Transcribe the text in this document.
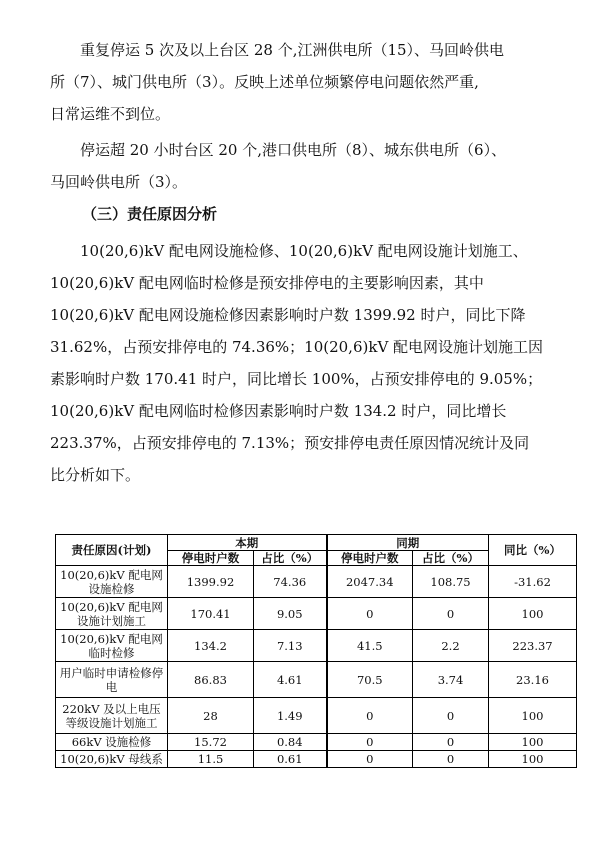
　　重复停运 5 次及以上台区 28 个,江洲供电所（15）、马回岭供电
所（7）、城门供电所（3）。反映上述单位频繁停电问题依然严重,
日常运维不到位。
　　停运超 20 小时台区 20 个,港口供电所（8）、城东供电所（6）、
马回岭供电所（3）。
（三）责任原因分析
　　10(20,6)kV 配电网设施检修、10(20,6)kV 配电网设施计划施工、
10(20,6)kV 配电网临时检修是预安排停电的主要影响因素，其中
10(20,6)kV 配电网设施检修因素影响时户数 1399.92 时户，同比下降
31.62%，占预安排停电的 74.36%；10(20,6)kV 配电网设施计划施工因
素影响时户数 170.41 时户，同比增长 100%，占预安排停电的 9.05%；
10(20,6)kV 配电网临时检修因素影响时户数 134.2 时户，同比增长
223.37%，占预安排停电的 7.13%；预安排停电责任原因情况统计及同
比分析如下。
责任原因(计划)	本期		同期		同比（%）
	停电时户数	占比（%）	停电时户数	占比（%）	
10(20,6)kV 配电网设施检修	1399.92	74.36	2047.34	108.75	-31.62
10(20,6)kV 配电网设施计划施工	170.41	9.05	0	0	100
10(20,6)kV 配电网临时检修	134.2	7.13	41.5	2.2	223.37
用户临时申请检修停电	86.83	4.61	70.5	3.74	23.16
220kV 及以上电压等级设施计划施工	28	1.49	0	0	100
66kV 设施检修	15.72	0.84	0	0	100
10(20,6)kV 母线系	11.5	0.61	0	0	100
